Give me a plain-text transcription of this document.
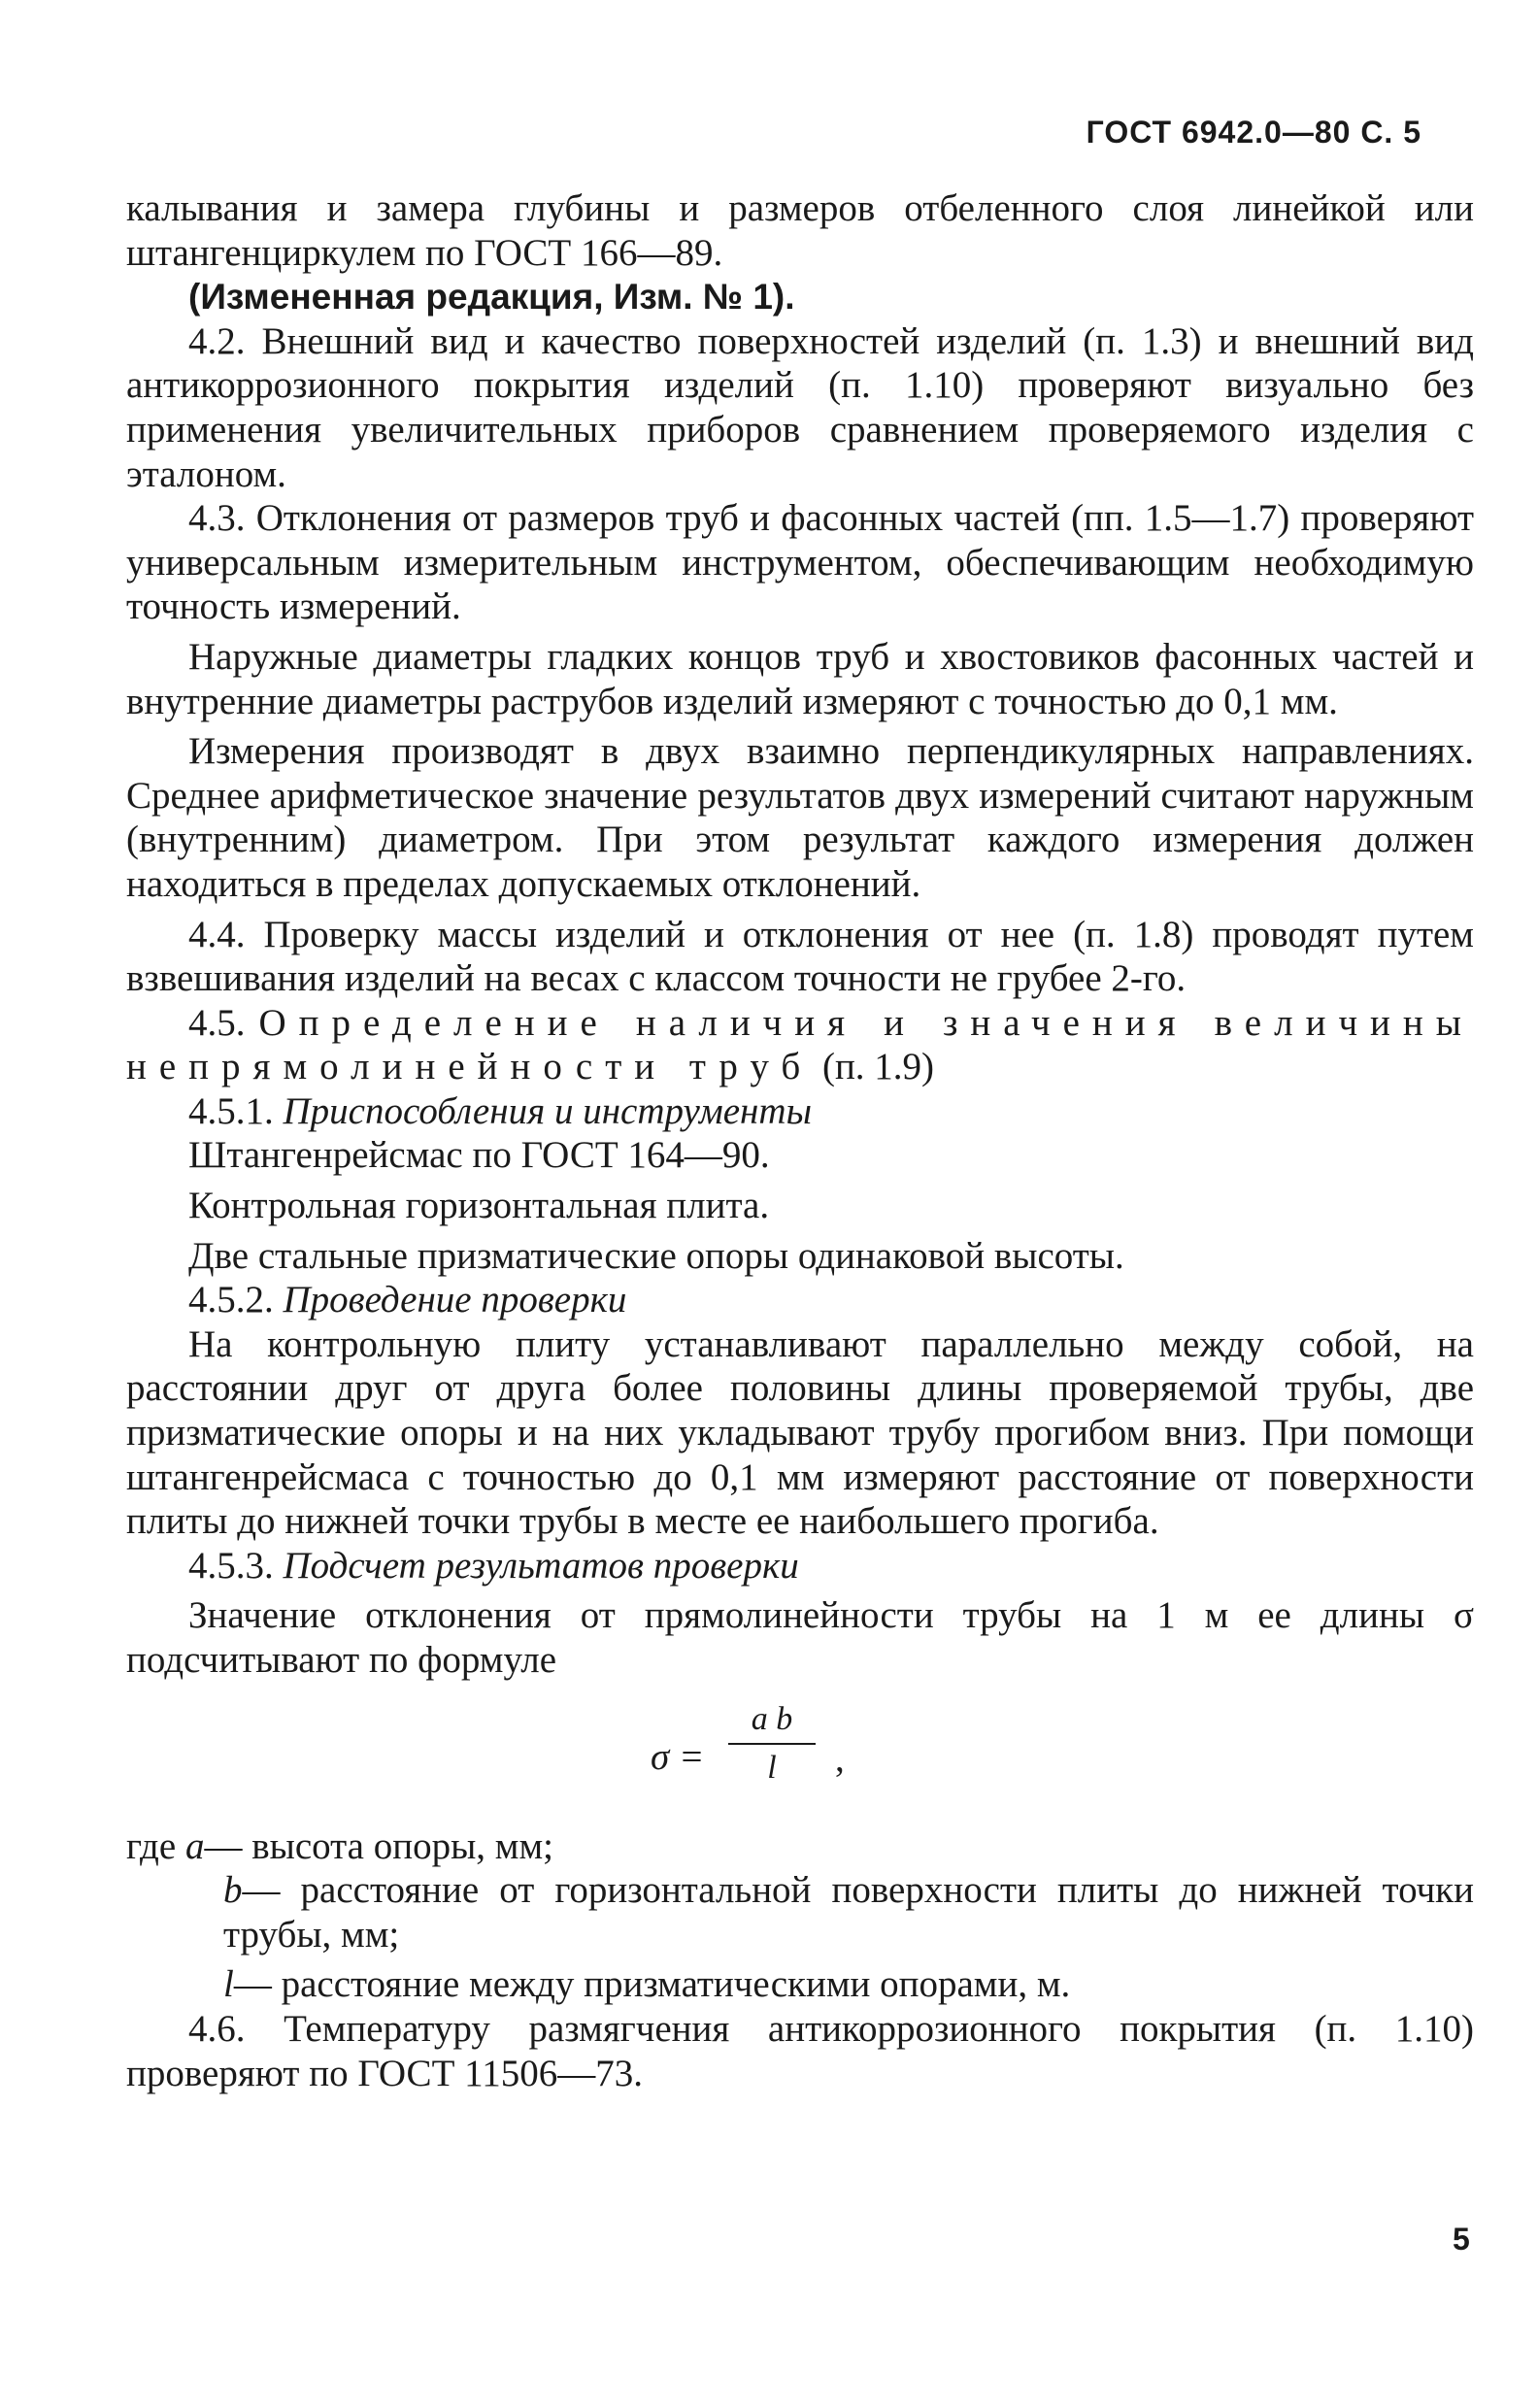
ГОСТ 6942.0—80 С. 5

калывания и замера глубины и размеров отбеленного слоя линейкой или штангенциркулем по ГОСТ 166—89.

(Измененная редакция, Изм. № 1).

4.2. Внешний вид и качество поверхностей изделий (п. 1.3) и внешний вид антикоррозионного покрытия изделий (п. 1.10) проверяют визуально без применения увеличительных приборов сравнением проверяемого изделия с эталоном.

4.3. Отклонения от размеров труб и фасонных частей (пп. 1.5—1.7) проверяют универсальным измерительным инструментом, обеспечивающим необходимую точность измерений.

Наружные диаметры гладких концов труб и хвостовиков фасонных частей и внутренние диаметры раструбов изделий измеряют с точностью до 0,1 мм.

Измерения производят в двух взаимно перпендикулярных направлениях. Среднее арифметическое значение результатов двух измерений считают наружным (внутренним) диаметром. При этом результат каждого измерения должен находиться в пределах допускаемых отклонений.

4.4. Проверку массы изделий и отклонения от нее (п. 1.8) проводят путем взвешивания изделий на весах с классом точности не грубее 2-го.

4.5. Определение наличия и значения величины непрямолинейности труб (п. 1.9)

4.5.1. Приспособления и инструменты

Штангенрейсмас по ГОСТ 164—90.

Контрольная горизонтальная плита.

Две стальные призматические опоры одинаковой высоты.

4.5.2. Проведение проверки

На контрольную плиту устанавливают параллельно между собой, на расстоянии друг от друга более половины длины проверяемой трубы, две призматические опоры и на них укладывают трубу прогибом вниз. При помощи штангенрейсмаса с точностью до 0,1 мм измеряют расстояние от поверхности плиты до нижней точки трубы в месте ее наибольшего прогиба.

4.5.3. Подсчет результатов проверки

Значение отклонения от прямолинейности трубы на 1 м ее длины σ подсчитывают по формуле

σ =
a b
l	,

где a— высота опоры, мм;

b— расстояние от горизонтальной поверхности плиты до нижней точки трубы, мм;

l— расстояние между призматическими опорами, м.

4.6. Температуру размягчения антикоррозионного покрытия (п. 1.10) проверяют по ГОСТ 11506—73.

5
